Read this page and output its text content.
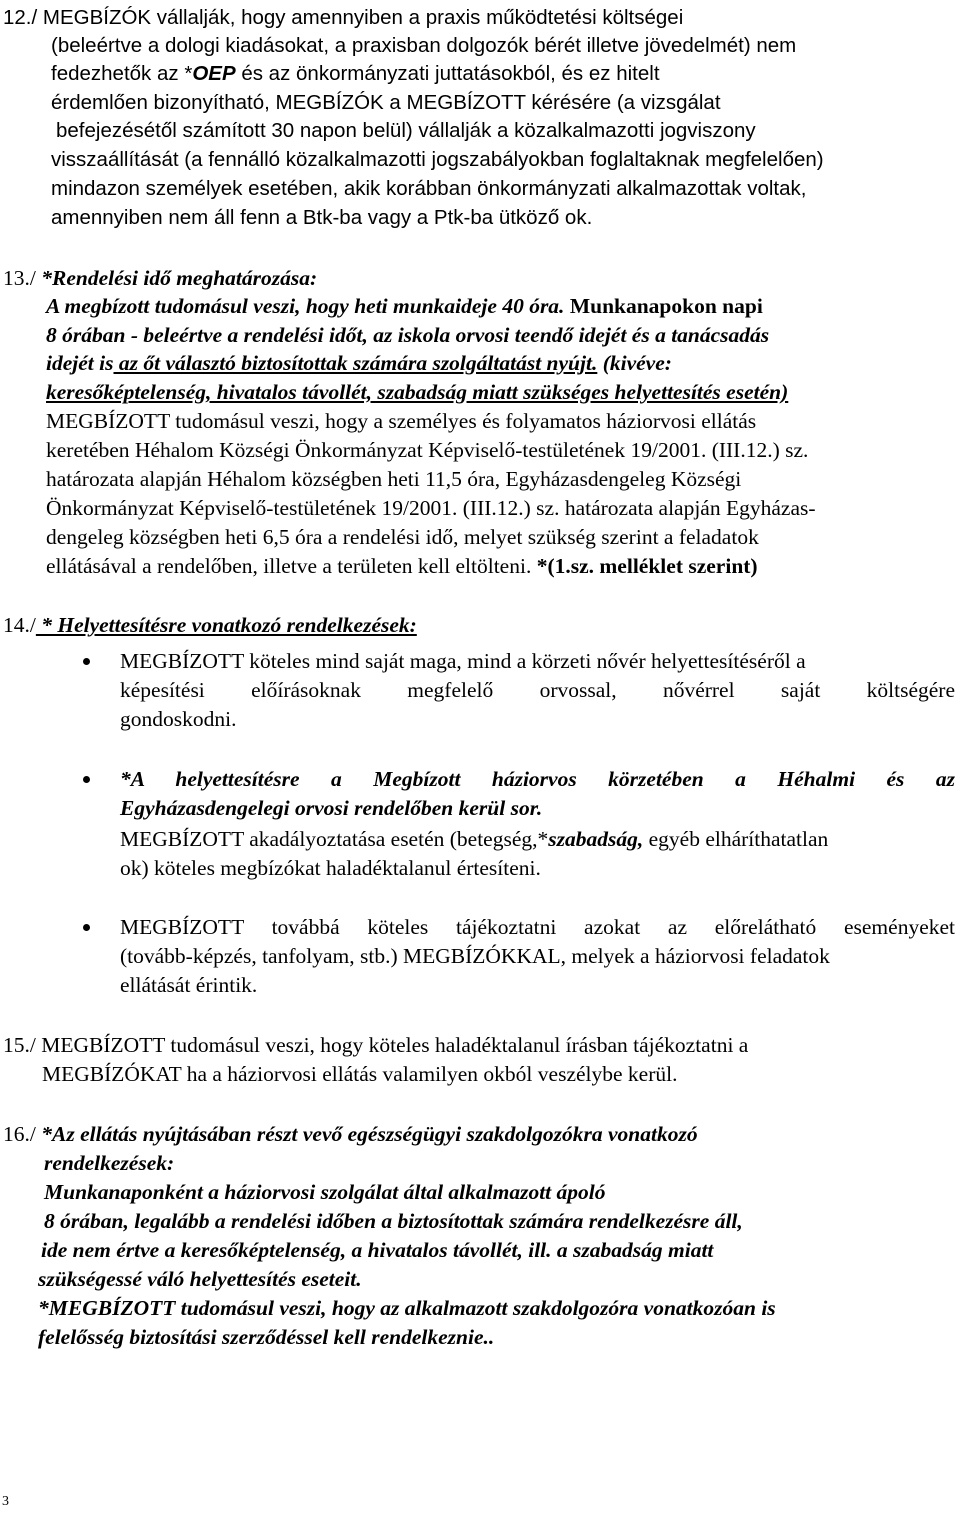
12./ MEGBÍZÓK vállalják, hogy amennyiben a praxis működtetési költségei
(beleértve a dologi kiadásokat, a praxisban dolgozók bérét illetve jövedelmét) nem
fedezhetők az *OEP és az önkormányzati juttatásokból, és ez hitelt
érdemlően bizonyítható, MEGBÍZÓK a MEGBÍZOTT kérésére (a vizsgálat
befejezésétől számított 30 napon belül) vállalják a közalkalmazotti jogviszony
visszaállítását (a fennálló közalkalmazotti jogszabályokban foglaltaknak megfelelően)
mindazon személyek esetében, akik korábban önkormányzati alkalmazottak voltak,
amennyiben nem áll fenn a Btk-ba vagy a Ptk-ba ütköző ok.
13./ *Rendelési idő meghatározása:
A megbízott tudomásul veszi, hogy heti munkaideje 40 óra. Munkanapokon napi
8 órában - beleértve a rendelési időt, az iskola orvosi teendő idejét és a tanácsadás
idejét is az őt választó biztosítottak számára szolgáltatást nyújt. (kivéve:
keresőképtelenség, hivatalos távollét, szabadság miatt szükséges helyettesítés esetén)
MEGBÍZOTT tudomásul veszi, hogy a személyes és folyamatos háziorvosi ellátás
keretében Héhalom Községi Önkormányzat Képviselő-testületének 19/2001. (III.12.) sz.
határozata alapján Héhalom községben heti 11,5 óra, Egyházasdengeleg Községi
Önkormányzat Képviselő-testületének 19/2001. (III.12.) sz. határozata alapján Egyházas-
dengeleg községben heti 6,5 óra a rendelési idő, melyet szükség szerint a feladatok
ellátásával a rendelőben, illetve a területen kell eltölteni. *(1.sz. melléklet szerint)
14./ * Helyettesítésre vonatkozó rendelkezések:
MEGBÍZOTT köteles mind saját maga, mind a körzeti nővér helyettesítéséről a
képesítési előírásoknak megfelelő orvossal, nővérrel saját költségére
gondoskodni.
*A helyettesítésre a Megbízott háziorvos körzetében a Héhalmi és az
Egyházasdengelegi orvosi rendelőben kerül sor.
MEGBÍZOTT akadályoztatása esetén (betegség,*szabadság, egyéb elháríthatatlan
ok) köteles megbízókat haladéktalanul értesíteni.
MEGBÍZOTT továbbá köteles tájékoztatni azokat az előrelátható eseményeket
(tovább-képzés, tanfolyam, stb.) MEGBÍZÓKKAL, melyek a háziorvosi feladatok
ellátását érintik.
15./ MEGBÍZOTT tudomásul veszi, hogy köteles haladéktalanul írásban tájékoztatni a
MEGBÍZÓKAT ha a háziorvosi ellátás valamilyen okból veszélybe kerül.
16./ *Az ellátás nyújtásában részt vevő egészségügyi szakdolgozókra vonatkozó
rendelkezések:
Munkanaponként a háziorvosi szolgálat által alkalmazott ápoló
8 órában, legalább a rendelési időben a biztosítottak számára rendelkezésre áll,
ide nem értve a keresőképtelenség, a hivatalos távollét, ill. a szabadság miatt
szükségessé váló helyettesítés eseteit.
*MEGBÍZOTT tudomásul veszi, hogy az alkalmazott szakdolgozóra vonatkozóan is
felelősség biztosítási szerződéssel kell rendelkeznie..
3
